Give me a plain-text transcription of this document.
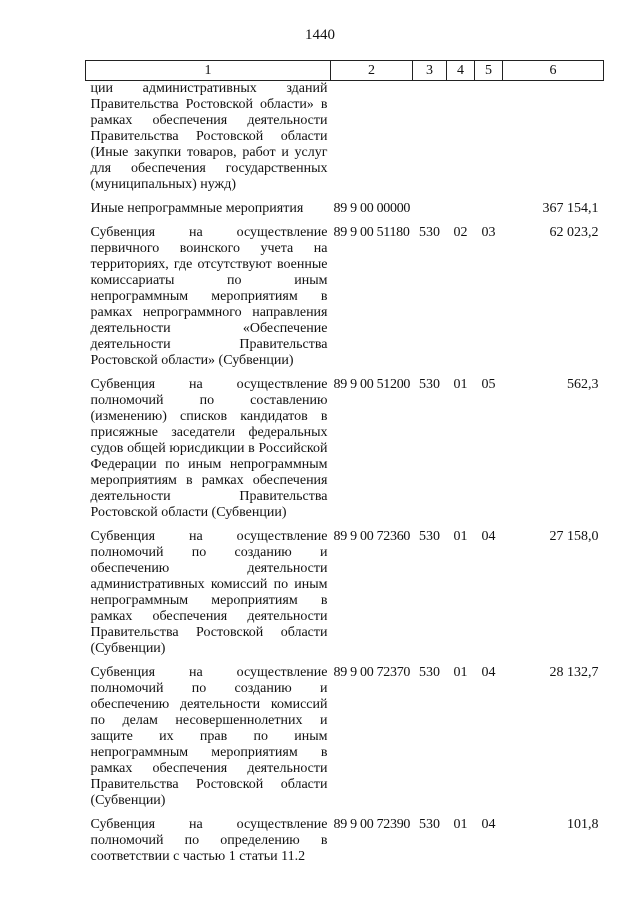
1440
1	2	3	4	5	6
ции административных зданий Правительства Ростовской области» в рамках обеспечения деятельности Правительства Ростовской области (Иные закупки товаров, работ и услуг для обеспечения государственных (муниципальных) нужд)					
Иные непрограммные мероприятия	89 9 00 00000				367 154,1
Субвенция на осуществление первичного воинского учета на территориях, где отсутствуют военные комиссариаты по иным непрограммным мероприятиям в рамках непрограммного направления деятельности «Обеспечение деятельности Правительства Ростовской области» (Субвенции)	89 9 00 51180	530	02	03	62 023,2
Субвенция на осуществление полномочий по составлению (изменению) списков кандидатов в присяжные заседатели федеральных судов общей юрисдикции в Российской Федерации по иным непрограммным мероприятиям в рамках обеспечения деятельности Правительства Ростовской области (Субвенции)	89 9 00 51200	530	01	05	562,3
Субвенция на осуществление полномочий по созданию и обеспечению деятельности административных комиссий по иным непрограммным мероприятиям в рамках обеспечения деятельности Правительства Ростовской области (Субвенции)	89 9 00 72360	530	01	04	27 158,0
Субвенция на осуществление полномочий по созданию и обеспечению деятельности комиссий по делам несовершеннолетних и защите их прав по иным непрограммным мероприятиям в рамках обеспечения деятельности Правительства Ростовской области (Субвенции)	89 9 00 72370	530	01	04	28 132,7
Субвенция на осуществление полномочий по определению в соответствии с частью 1 статьи 11.2	89 9 00 72390	530	01	04	101,8
